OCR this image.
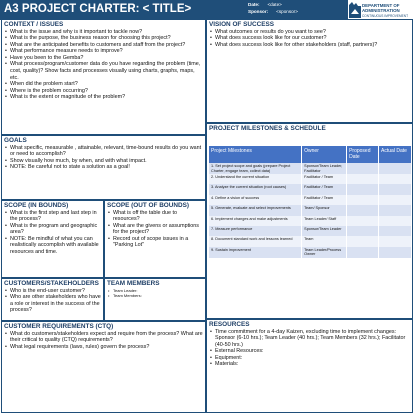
A3 PROJECT CHARTER: < TITLE>	Date: <date>
Sponsor: <sponsor>
DEPARTMENT OF
ADMINISTRATION
CONTINUOUS IMPROVEMENT
CONTEXT / ISSUES
• What is the issue and why is it important to tackle now?
• What is the purpose, the business reason for choosing this project?
• What are the anticipated benefits to customers and staff from the project?
• What performance measure needs to improve?
• Have you been to the Gemba?
• What process/program/customer data do you have regarding the problem (time, cost, quality)? Show facts and processes visually using charts, graphs, maps, etc.
• When did the problem start?
• Where is the problem occurring?
• What is the extent or magnitude of the problem?
VISION OF SUCCESS
• What outcomes or results do you want to see?
• What does success look like for our customer?
• What does success look like for other stakeholders (staff, partners)?
PROJECT MILESTONES & SCHEDULE
Project Milestones	Owner	Proposed Date	Actual Date
1. Set project scope and goals (prepare Project Charter, engage team, collect data)	Sponsor/Team Leader, Facilitator		
2. Understand the current situation	Facilitator / Team		
3. Analyze the current situation (root causes)	Facilitator / Team		
4. Define a vision of success	Facilitator / Team		
5. Generate, evaluate and select improvements	Team/ Sponsor		
6. Implement changes and make adjustments	Team Leader/ Staff		
7. Measure performance	Sponsor/Team Leader		
8. Document standard work and lessons learned	Team		
9. Sustain improvement	Team Leader/Process Owner		
GOALS
• What specific, measurable , attainable, relevant, time-bound results do you want or need to accomplish?
• Show visually how much, by when, and with what impact.
• NOTE: Be careful not to state a solution as a goal!
SCOPE (IN BOUNDS)
• What is the first step and last step in the process?
• What is the program and geographic area?
• NOTE: Be mindful of what you can realistically accomplish with available resources and time.
SCOPE (OUT OF BOUNDS)
• What is off the table due to resources?
• What are the givens or assumptions for the project?
• Record out of scope issues in a "Parking Lot"
CUSTOMERS/STAKEHOLDERS
• Who is the end-user customer?
• Who are other stakeholders who have a role or interest in the success of the process?
TEAM MEMBERS
• Team Leader:
• Team Members:
RESOURCES
• Time commitment for a 4-day Kaizen, excluding time to implement changes: Sponsor (6-10 hrs.); Team Leader (40 hrs.); Team Members (32 hrs.); Facilitator (40-50 hrs.)
• External Resources:
• Equipment:
• Materials:
CUSTOMER REQUIREMENTS (CTQ)
• What do customers/stakeholders expect and require from the process? What are their critical to quality (CTQ) requirements?
• What legal requirements (laws, rules) govern the process?
